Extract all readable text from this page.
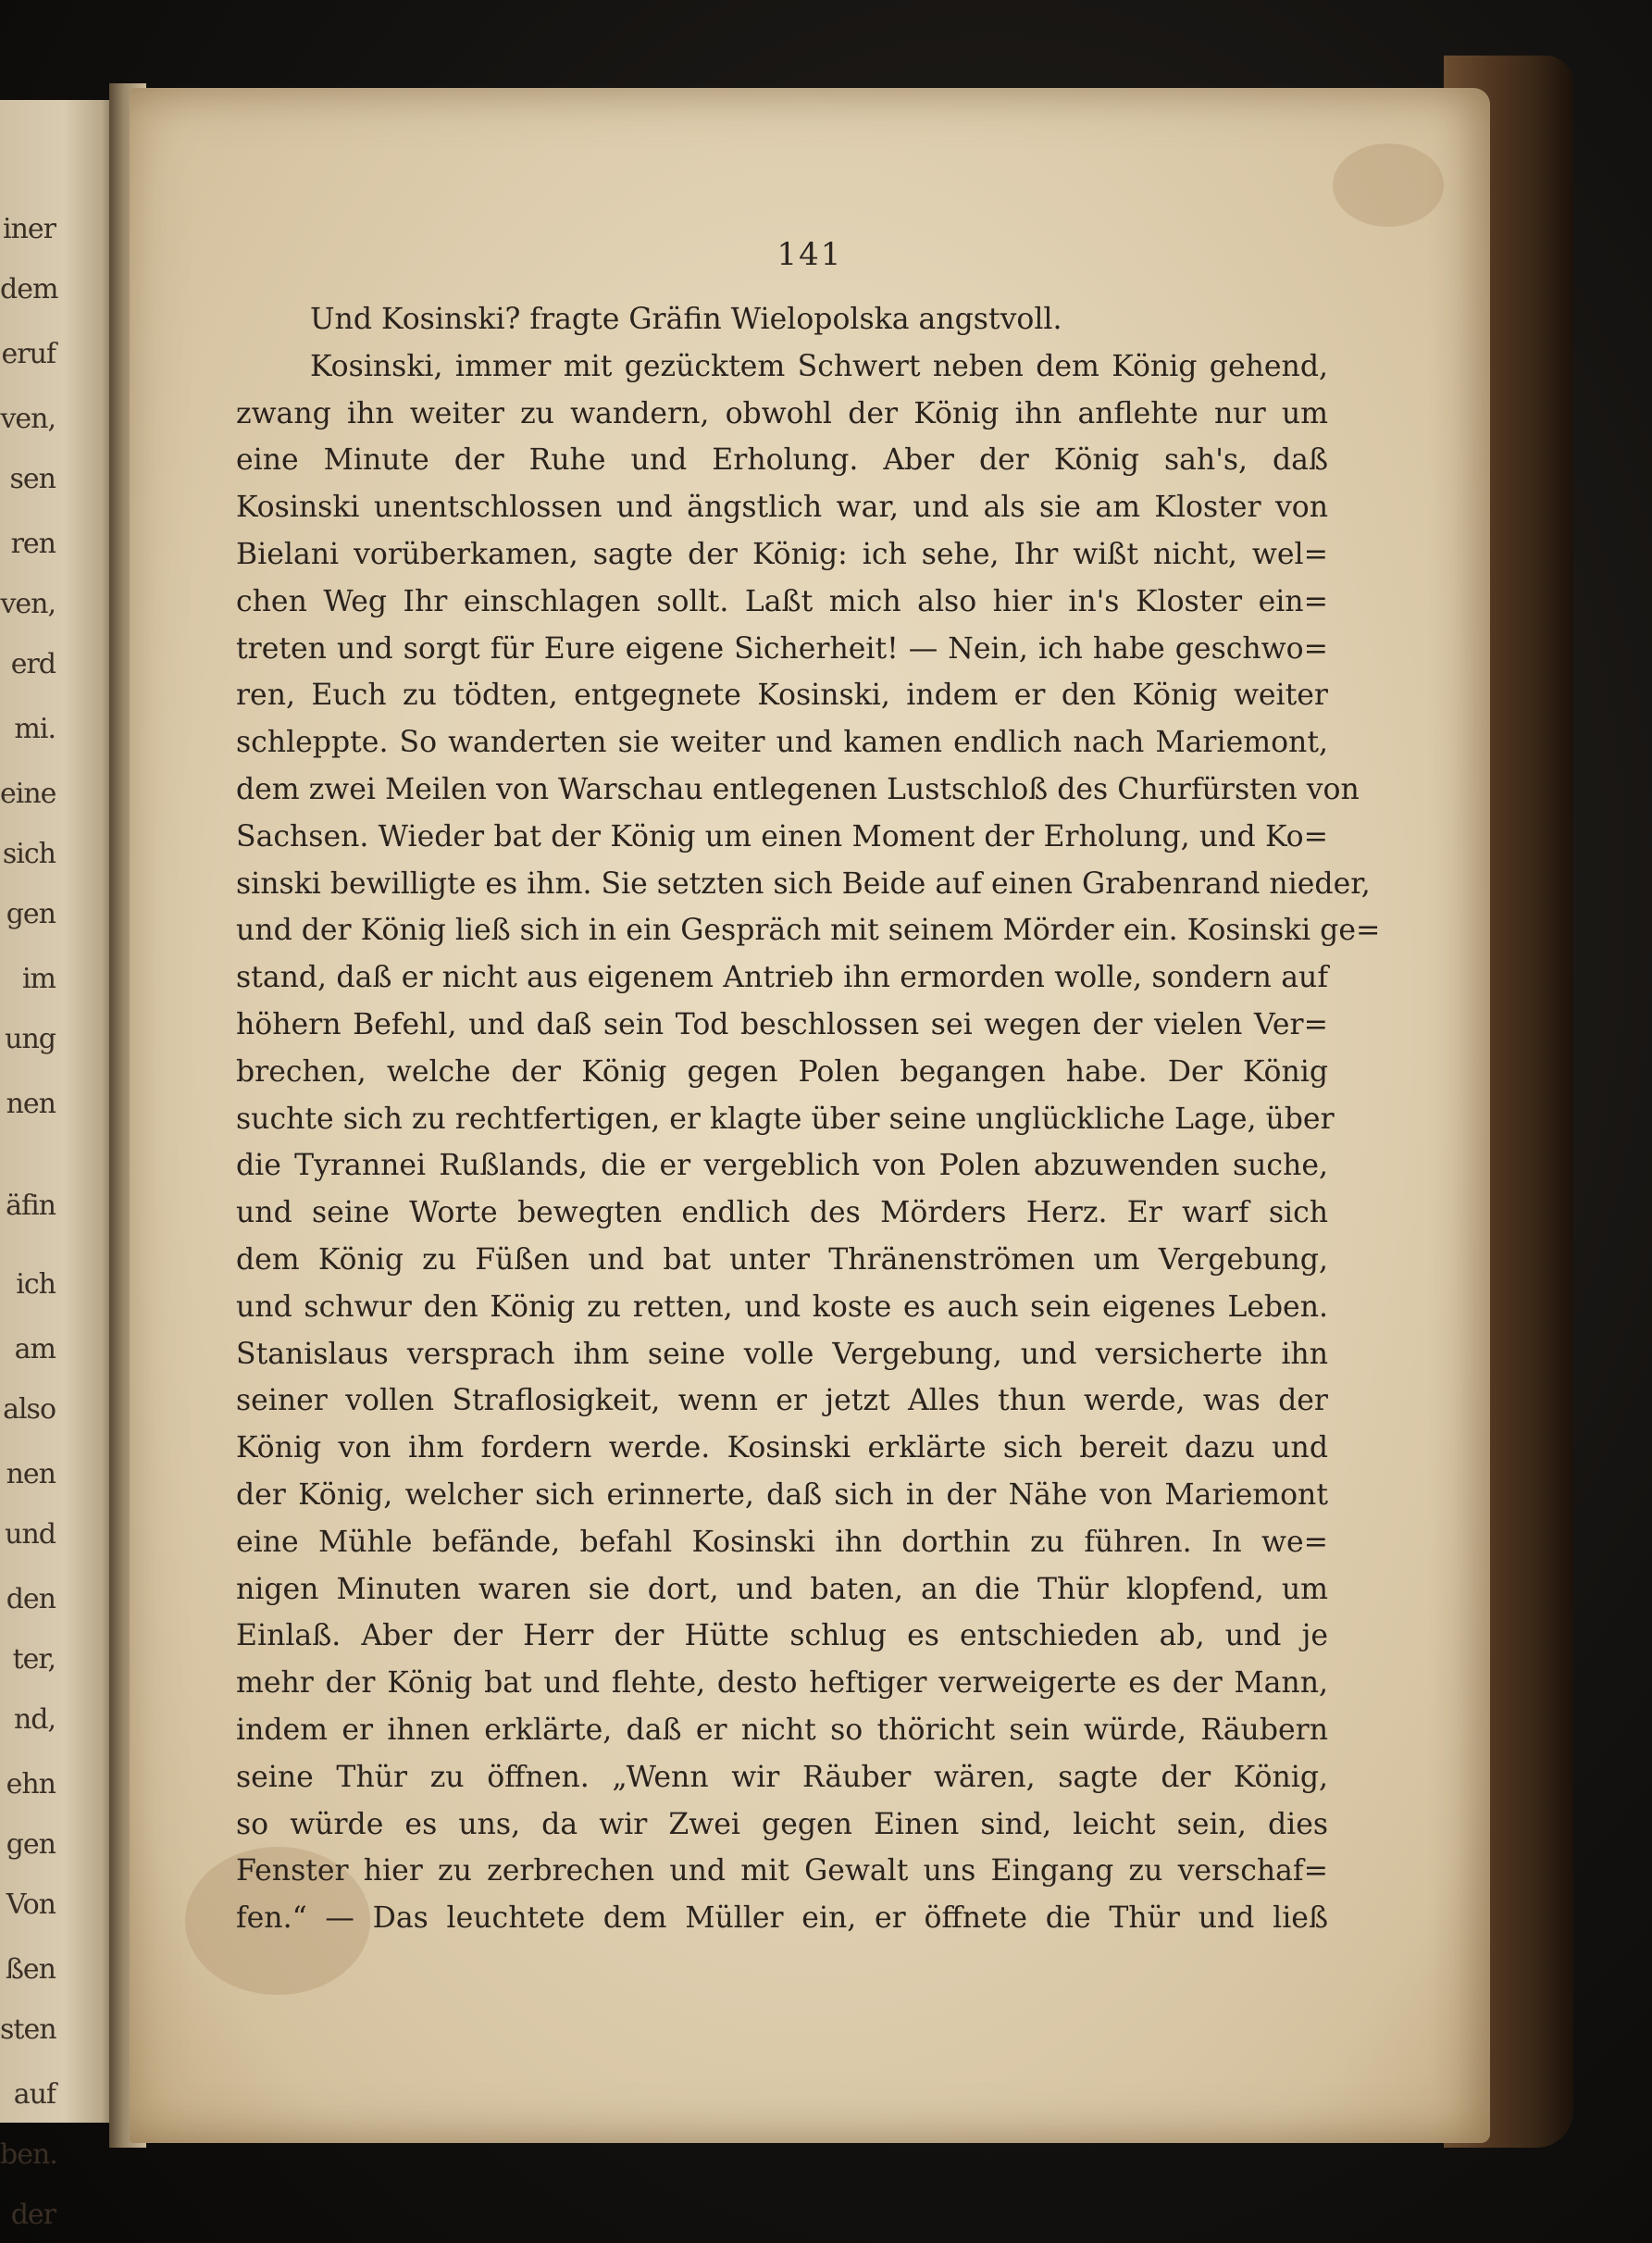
iner
dem
eruf
ven,
sen
ren
ven,
erd
mi.
eine
sich
gen
im
ung
nen
äfin
ich
am
also
nen
und
den
ter,
nd,
ehn
gen
Von
ßen
sten
auf
ben.
der
141
Und Kosinski? fragte Gräfin Wielopolska angstvoll.
Kosinski, immer mit gezücktem Schwert neben dem König gehend,
zwang ihn weiter zu wandern, obwohl der König ihn anflehte nur um
eine Minute der Ruhe und Erholung. Aber der König sah's, daß
Kosinski unentschlossen und ängstlich war, und als sie am Kloster von
Bielani vorüberkamen, sagte der König: ich sehe, Ihr wißt nicht, wel=
chen Weg Ihr einschlagen sollt. Laßt mich also hier in's Kloster ein=
treten und sorgt für Eure eigene Sicherheit! — Nein, ich habe geschwo=
ren, Euch zu tödten, entgegnete Kosinski, indem er den König weiter
schleppte. So wanderten sie weiter und kamen endlich nach Mariemont,
dem zwei Meilen von Warschau entlegenen Lustschloß des Churfürsten von
Sachsen. Wieder bat der König um einen Moment der Erholung, und Ko=
sinski bewilligte es ihm. Sie setzten sich Beide auf einen Grabenrand nieder,
und der König ließ sich in ein Gespräch mit seinem Mörder ein. Kosinski ge=
stand, daß er nicht aus eigenem Antrieb ihn ermorden wolle, sondern auf
höhern Befehl, und daß sein Tod beschlossen sei wegen der vielen Ver=
brechen, welche der König gegen Polen begangen habe. Der König
suchte sich zu rechtfertigen, er klagte über seine unglückliche Lage, über
die Tyrannei Rußlands, die er vergeblich von Polen abzuwenden suche,
und seine Worte bewegten endlich des Mörders Herz. Er warf sich
dem König zu Füßen und bat unter Thränenströmen um Vergebung,
und schwur den König zu retten, und koste es auch sein eigenes Leben.
Stanislaus versprach ihm seine volle Vergebung, und versicherte ihn
seiner vollen Straflosigkeit, wenn er jetzt Alles thun werde, was der
König von ihm fordern werde. Kosinski erklärte sich bereit dazu und
der König, welcher sich erinnerte, daß sich in der Nähe von Mariemont
eine Mühle befände, befahl Kosinski ihn dorthin zu führen. In we=
nigen Minuten waren sie dort, und baten, an die Thür klopfend, um
Einlaß. Aber der Herr der Hütte schlug es entschieden ab, und je
mehr der König bat und flehte, desto heftiger verweigerte es der Mann,
indem er ihnen erklärte, daß er nicht so thöricht sein würde, Räubern
seine Thür zu öffnen. „Wenn wir Räuber wären, sagte der König,
so würde es uns, da wir Zwei gegen Einen sind, leicht sein, dies
Fenster hier zu zerbrechen und mit Gewalt uns Eingang zu verschaf=
fen.“ — Das leuchtete dem Müller ein, er öffnete die Thür und ließ
